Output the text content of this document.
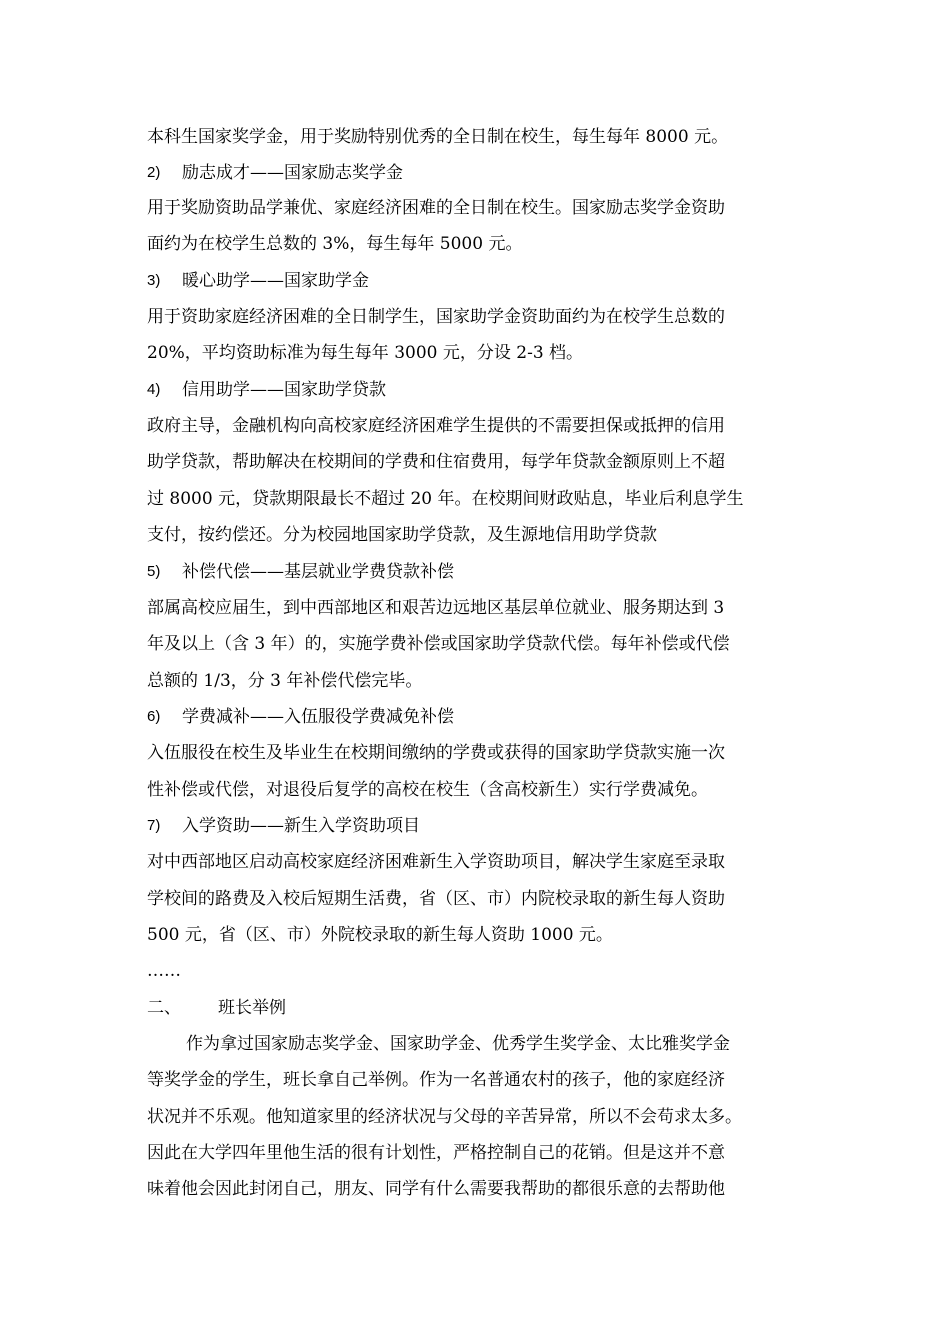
本科生国家奖学金，用于奖励特别优秀的全日制在校生，每生每年 8000 元。
2) 励志成才——国家励志奖学金
用于奖励资助品学兼优、家庭经济困难的全日制在校生。国家励志奖学金资助
面约为在校学生总数的 3%，每生每年 5000 元。
3) 暖心助学——国家助学金
用于资助家庭经济困难的全日制学生，国家助学金资助面约为在校学生总数的
20%，平均资助标准为每生每年 3000 元，分设 2-3 档。
4) 信用助学——国家助学贷款
政府主导，金融机构向高校家庭经济困难学生提供的不需要担保或抵押的信用
助学贷款，帮助解决在校期间的学费和住宿费用，每学年贷款金额原则上不超
过 8000 元，贷款期限最长不超过 20 年。在校期间财政贴息，毕业后利息学生
支付，按约偿还。分为校园地国家助学贷款，及生源地信用助学贷款
5) 补偿代偿——基层就业学费贷款补偿
部属高校应届生，到中西部地区和艰苦边远地区基层单位就业、服务期达到 3
年及以上（含 3 年）的，实施学费补偿或国家助学贷款代偿。每年补偿或代偿
总额的 1/3，分 3 年补偿代偿完毕。
6) 学费减补——入伍服役学费减免补偿
入伍服役在校生及毕业生在校期间缴纳的学费或获得的国家助学贷款实施一次
性补偿或代偿，对退役后复学的高校在校生（含高校新生）实行学费减免。
7) 入学资助——新生入学资助项目
对中西部地区启动高校家庭经济困难新生入学资助项目，解决学生家庭至录取
学校间的路费及入校后短期生活费，省（区、市）内院校录取的新生每人资助
500 元，省（区、市）外院校录取的新生每人资助 1000 元。
……
二、 班长举例
作为拿过国家励志奖学金、国家助学金、优秀学生奖学金、太比雅奖学金
等奖学金的学生，班长拿自己举例。作为一名普通农村的孩子，他的家庭经济
状况并不乐观。他知道家里的经济状况与父母的辛苦异常，所以不会苟求太多。
因此在大学四年里他生活的很有计划性，严格控制自己的花销。但是这并不意
味着他会因此封闭自己，朋友、同学有什么需要我帮助的都很乐意的去帮助他
